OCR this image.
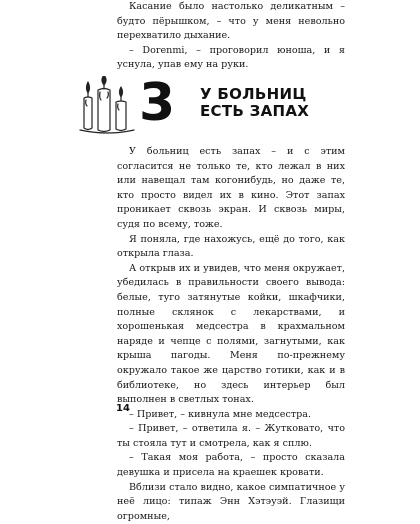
Касание было настолько деликатным – будто пёрышком, – что у меня невольно перехватило дыхание.

– Dorenmi, – проговорил юноша, и я уснула, упав ему на руки.

3 У БОЛЬНИЦ
ЕСТЬ ЗАПАХ

У больниц есть запах – и с этим согласится не только те, кто лежал в них или навещал там когонибудь, но даже те, кто просто видел их в кино. Этот запах проникает сквозь экран. И сквозь миры, судя по всему, тоже.

Я поняла, где нахожусь, ещё до того, как открыла глаза.

А открыв их и увидев, что меня окружает, убедилась в правильности своего вывода: белые, туго затянутые койки, шкафчики, полные склянок с лекарствами, и хорошенькая медсестра в крахмальном наряде и чепце с полями, загнутыми, как крыша пагоды. Меня по-прежнему окружало такое же царство готики, как и в библиотеке, но здесь интерьер был выполнен в светлых тонах.

– Привет, – кивнула мне медсестра.

– Привет, – ответила я. – Жутковато, что ты стояла тут и смотрела, как я сплю.

– Такая моя работа, – просто сказала девушка и присела на краешек кровати.

Вблизи стало видно, какое симпатичное у неё лицо: типаж Энн Хэтэуэй. Глазищи огромные,

14
